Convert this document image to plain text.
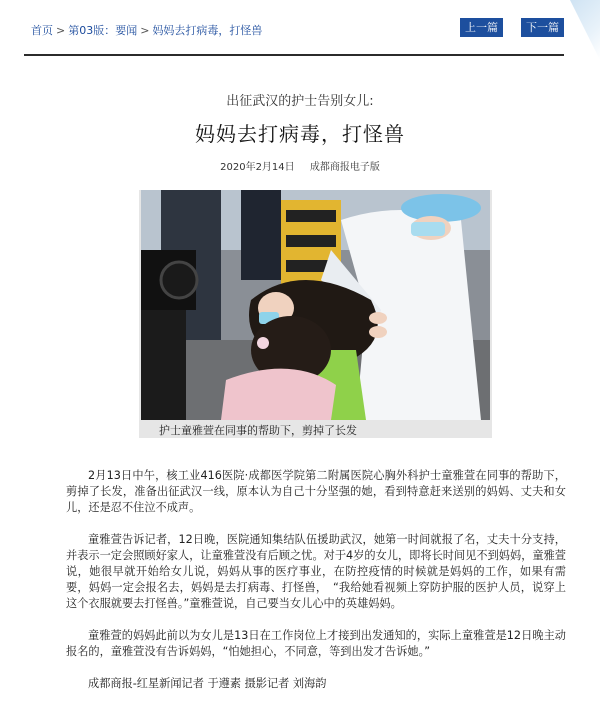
首页 > 第03版：要闻 > 妈妈去打病毒，打怪兽	上一篇	下一篇
出征武汉的护士告别女儿:
妈妈去打病毒，打怪兽
2020年2月14日 成都商报电子版
护士童雅萱在同事的帮助下，剪掉了长发

2月13日中午，核工业416医院·成都医学院第二附属医院心胸外科护士童雅萱在同事的帮助下，剪掉了长发，准备出征武汉一线，原本认为自己十分坚强的她，看到特意赶来送别的妈妈、丈夫和女儿，还是忍不住泣不成声。

童雅萱告诉记者，12日晚，医院通知集结队伍援助武汉，她第一时间就报了名，丈夫十分支持，并表示一定会照顾好家人，让童雅萱没有后顾之忧。对于4岁的女儿，即将长时间见不到妈妈，童雅萱说，她很早就开始给女儿说，妈妈从事的医疗事业，在防控疫情的时候就是妈妈的工作，如果有需要，妈妈一定会报名去，妈妈是去打病毒、打怪兽，　“我给她看视频上穿防护服的医护人员，说穿上这个衣服就要去打怪兽。”童雅萱说，自己要当女儿心中的英雄妈妈。

童雅萱的妈妈此前以为女儿是13日在工作岗位上才接到出发通知的，实际上童雅萱是12日晚主动报名的，童雅萱没有告诉妈妈，“怕她担心，不同意，等到出发才告诉她。”

成都商报-红星新闻记者 于遵素 摄影记者 刘海韵
